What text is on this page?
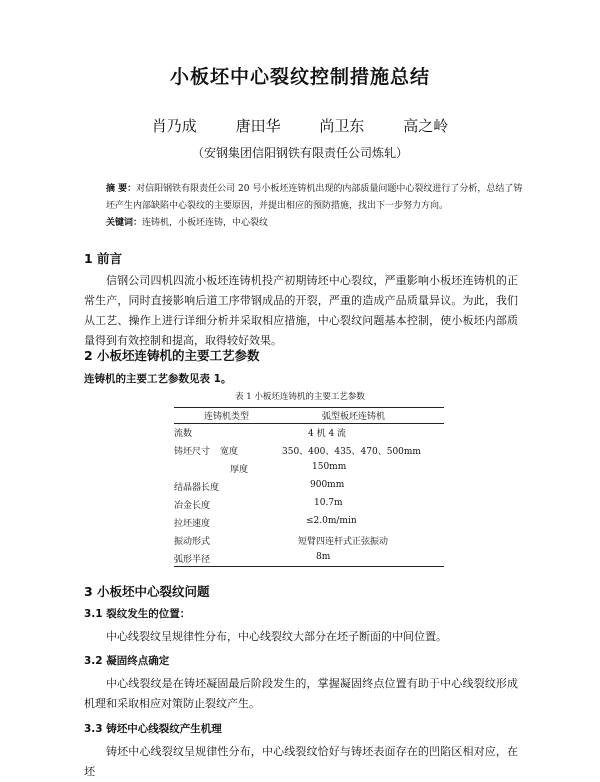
小板坯中心裂纹控制措施总结
肖乃成	唐田华	尚卫东	高之岭
（安钢集团信阳钢铁有限责任公司炼轧）
摘 要：对信阳钢铁有限责任公司 20 号小板坯连铸机出现的内部质量问题中心裂纹进行了分析，总结了铸坯产生内部缺陷中心裂纹的主要原因，并提出相应的预防措施，找出下一步努力方向。
关键词：连铸机，小板坯连铸，中心裂纹
1 前言
信钢公司四机四流小板坯连铸机投产初期铸坯中心裂纹，严重影响小板坯连铸机的正常生产，同时直接影响后道工序带钢成品的开裂，严重的造成产品质量异议。为此，我们从工艺、操作上进行详细分析并采取相应措施，中心裂纹问题基本控制，使小板坯内部质量得到有效控制和提高，取得较好效果。
2 小板坯连铸机的主要工艺参数
连铸机的主要工艺参数见表 1。
表 1 小板坯连铸机的主要工艺参数
连铸机类型	弧型板坯连铸机
流数	4 机 4 流
铸坯尺寸 宽度	350、400、435、470、500mm
厚度	150mm
结晶器长度	900mm
冶金长度	10.7m
拉坯速度	≤2.0m/min
振动形式	短臂四连杆式正弦振动
弧形半径	8m
3 小板坯中心裂纹问题
3.1 裂纹发生的位置：
中心线裂纹呈规律性分布，中心线裂纹大部分在坯子断面的中间位置。
3.2 凝固终点确定
中心线裂纹是在铸坯凝固最后阶段发生的，掌握凝固终点位置有助于中心线裂纹形成机理和采取相应对策防止裂纹产生。
3.3 铸坯中心线裂纹产生机理
铸坯中心线裂纹呈规律性分布，中心线裂纹恰好与铸坯表面存在的凹陷区相对应，在坯
